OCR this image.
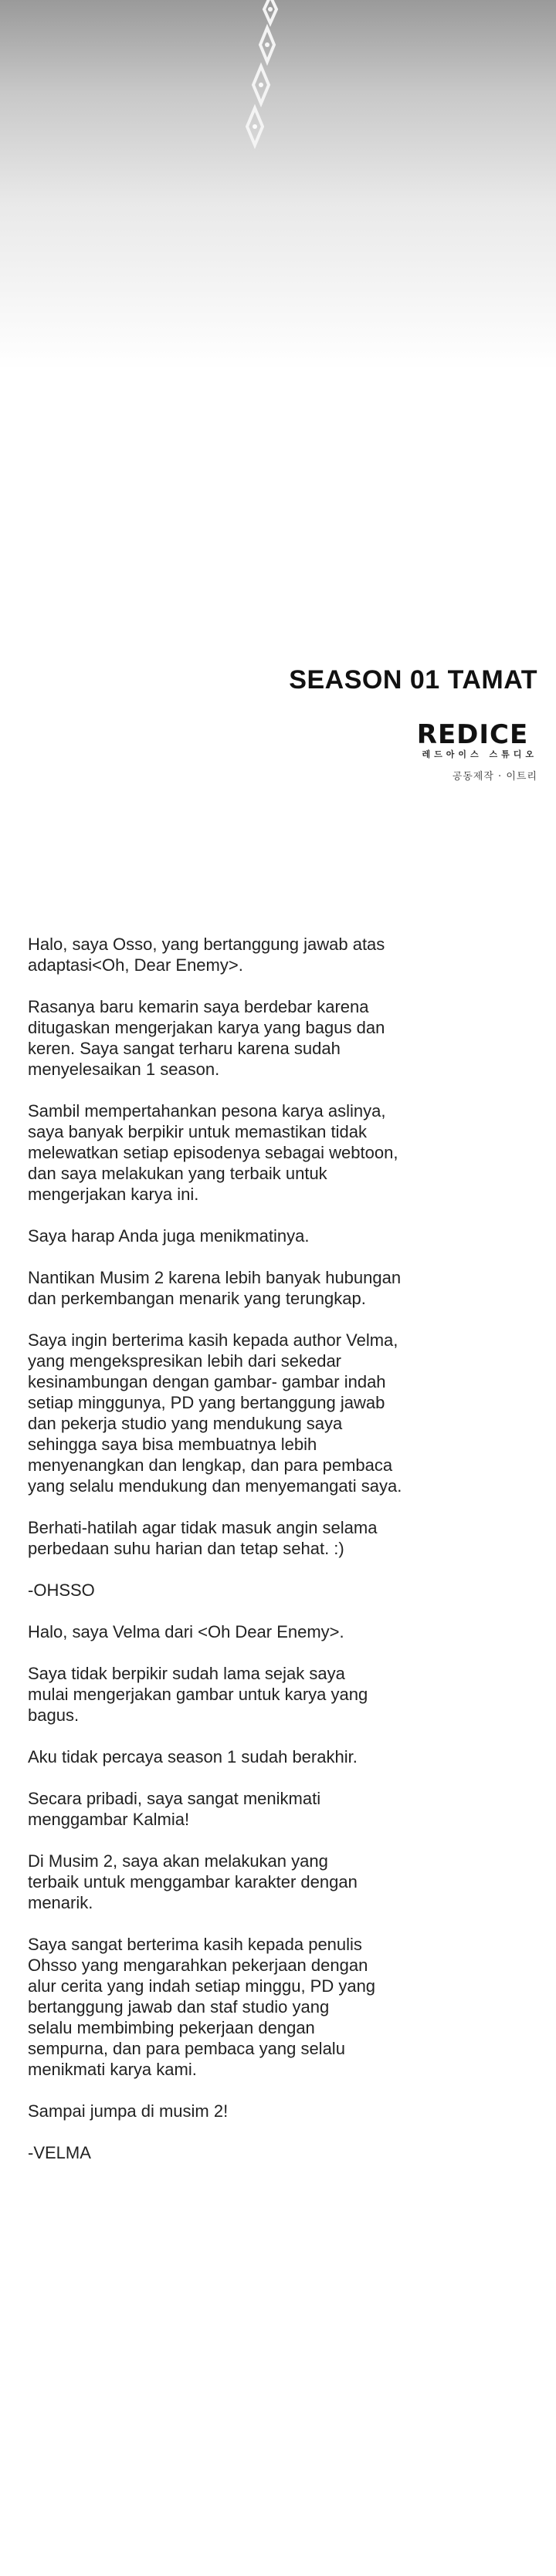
SEASON 01 TAMAT
REDICE
레드아이스 스튜디오
공동제작 · 이트리

Halo, saya Osso, yang bertanggung jawab atas
adaptasi<Oh, Dear Enemy>.

Rasanya baru kemarin saya berdebar karena
ditugaskan mengerjakan karya yang bagus dan
keren. Saya sangat terharu karena sudah
menyelesaikan 1 season.

Sambil mempertahankan pesona karya aslinya,
saya banyak berpikir untuk memastikan tidak
melewatkan setiap episodenya sebagai webtoon,
dan saya melakukan yang terbaik untuk
mengerjakan karya ini.

Saya harap Anda juga menikmatinya.

Nantikan Musim 2 karena lebih banyak hubungan
dan perkembangan menarik yang terungkap.

Saya ingin berterima kasih kepada author Velma,
yang mengekspresikan lebih dari sekedar
kesinambungan dengan gambar- gambar indah
setiap minggunya, PD yang bertanggung jawab
dan pekerja studio yang mendukung saya
sehingga saya bisa membuatnya lebih
menyenangkan dan lengkap, dan para pembaca
yang selalu mendukung dan menyemangati saya.

Berhati-hatilah agar tidak masuk angin selama
perbedaan suhu harian dan tetap sehat. :)

-OHSSO

Halo, saya Velma dari <Oh Dear Enemy>.

Saya tidak berpikir sudah lama sejak saya
mulai mengerjakan gambar untuk karya yang
bagus.

Aku tidak percaya season 1 sudah berakhir.

Secara pribadi, saya sangat menikmati
menggambar Kalmia!

Di Musim 2, saya akan melakukan yang
terbaik untuk menggambar karakter dengan
menarik.

Saya sangat berterima kasih kepada penulis
Ohsso yang mengarahkan pekerjaan dengan
alur cerita yang indah setiap minggu, PD yang
bertanggung jawab dan staf studio yang
selalu membimbing pekerjaan dengan
sempurna, dan para pembaca yang selalu
menikmati karya kami.

Sampai jumpa di musim 2!

-VELMA
